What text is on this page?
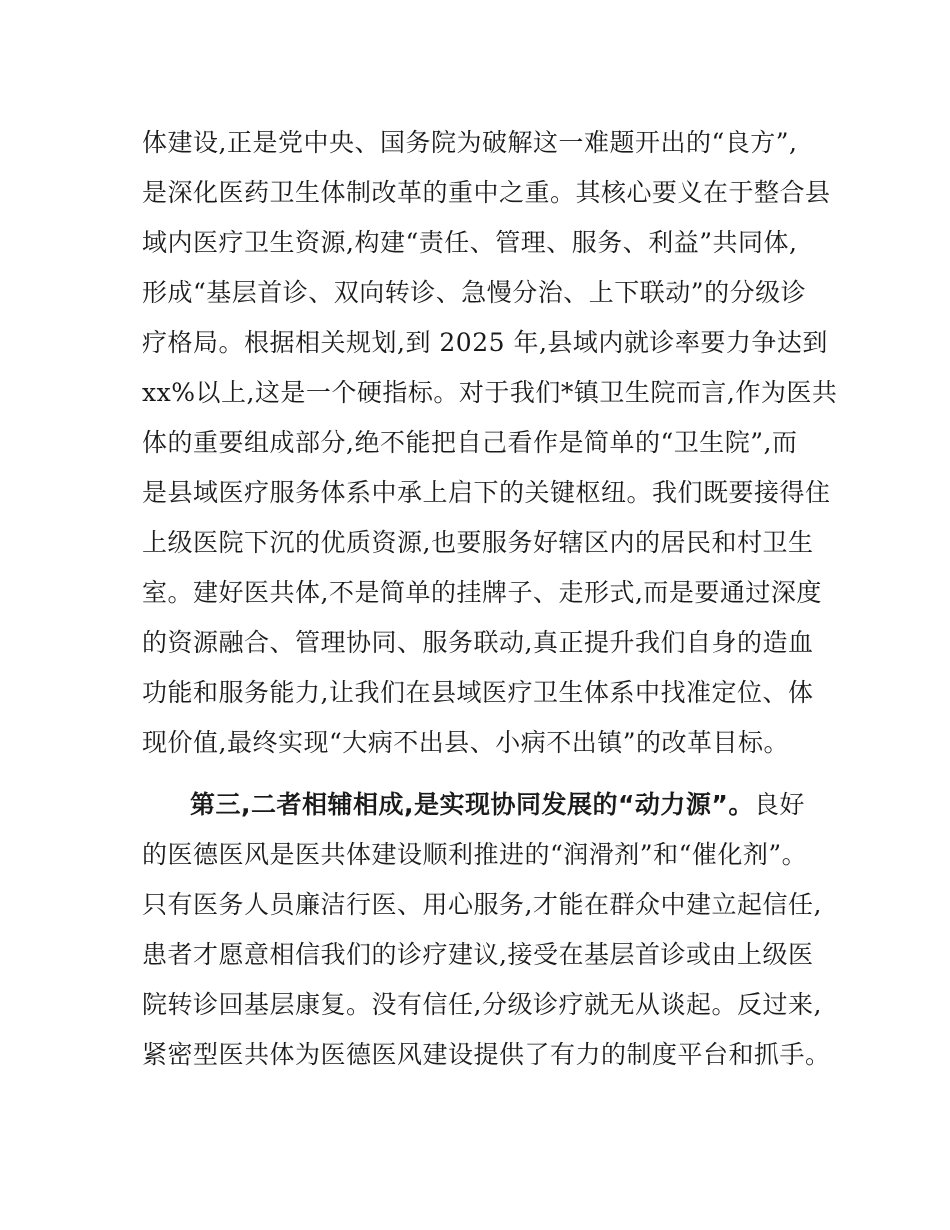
体建设,正是党中央、国务院为破解这一难题开出的“良方”,
是深化医药卫生体制改革的重中之重。其核心要义在于整合县
域内医疗卫生资源,构建“责任、管理、服务、利益”共同体,
形成“基层首诊、双向转诊、急慢分治、上下联动”的分级诊
疗格局。根据相关规划,到 2025 年,县域内就诊率要力争达到
xx%以上,这是一个硬指标。对于我们*镇卫生院而言,作为医共
体的重要组成部分,绝不能把自己看作是简单的“卫生院”,而
是县域医疗服务体系中承上启下的关键枢纽。我们既要接得住
上级医院下沉的优质资源,也要服务好辖区内的居民和村卫生
室。建好医共体,不是简单的挂牌子、走形式,而是要通过深度
的资源融合、管理协同、服务联动,真正提升我们自身的造血
功能和服务能力,让我们在县域医疗卫生体系中找准定位、体
现价值,最终实现“大病不出县、小病不出镇”的改革目标。
第三,二者相辅相成,是实现协同发展的“动力源”。良好
的医德医风是医共体建设顺利推进的“润滑剂”和“催化剂”。
只有医务人员廉洁行医、用心服务,才能在群众中建立起信任,
患者才愿意相信我们的诊疗建议,接受在基层首诊或由上级医
院转诊回基层康复。没有信任,分级诊疗就无从谈起。反过来,
紧密型医共体为医德医风建设提供了有力的制度平台和抓手。
